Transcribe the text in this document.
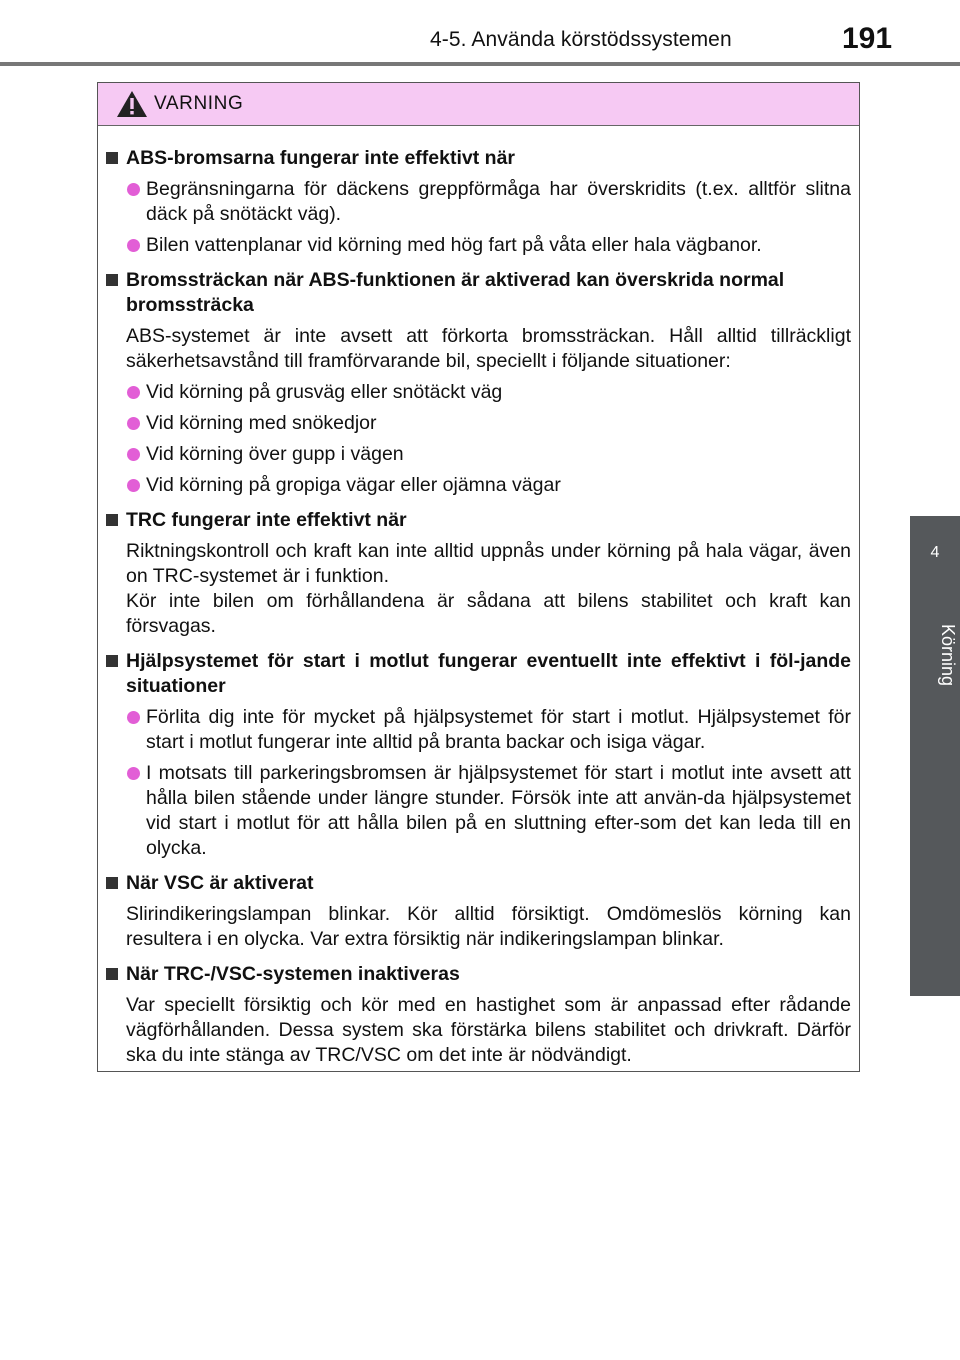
4-5. Använda körstödssystemen	191
4
Körning
VARNING
ABS-bromsarna fungerar inte effektivt när
Begränsningarna för däckens greppförmåga har överskridits (t.ex. alltför slitna däck på snötäckt väg).
Bilen vattenplanar vid körning med hög fart på våta eller hala vägbanor.
Bromssträckan när ABS-funktionen är aktiverad kan överskrida normal bromssträcka
ABS-systemet är inte avsett att förkorta bromssträckan. Håll alltid tillräckligt säkerhetsavstånd till framförvarande bil, speciellt i följande situationer:
Vid körning på grusväg eller snötäckt väg
Vid körning med snökedjor
Vid körning över gupp i vägen
Vid körning på gropiga vägar eller ojämna vägar
TRC fungerar inte effektivt när
Riktningskontroll och kraft kan inte alltid uppnås under körning på hala vägar, även on TRC-systemet är i funktion.
Kör inte bilen om förhållandena är sådana att bilens stabilitet och kraft kan försvagas.
Hjälpsystemet för start i motlut fungerar eventuellt inte effektivt i föl-jande situationer
Förlita dig inte för mycket på hjälpsystemet för start i motlut. Hjälpsystemet för start i motlut fungerar inte alltid på branta backar och isiga vägar.
I motsats till parkeringsbromsen är hjälpsystemet för start i motlut inte avsett att hålla bilen stående under längre stunder. Försök inte att använ-da hjälpsystemet vid start i motlut för att hålla bilen på en sluttning efter-som det kan leda till en olycka.
När VSC är aktiverat
Slirindikeringslampan blinkar. Kör alltid försiktigt. Omdömeslös körning kan resultera i en olycka. Var extra försiktig när indikeringslampan blinkar.
När TRC-/VSC-systemen inaktiveras
Var speciellt försiktig och kör med en hastighet som är anpassad efter rådande vägförhållanden. Dessa system ska förstärka bilens stabilitet och drivkraft. Därför ska du inte stänga av TRC/VSC om det inte är nödvändigt.
